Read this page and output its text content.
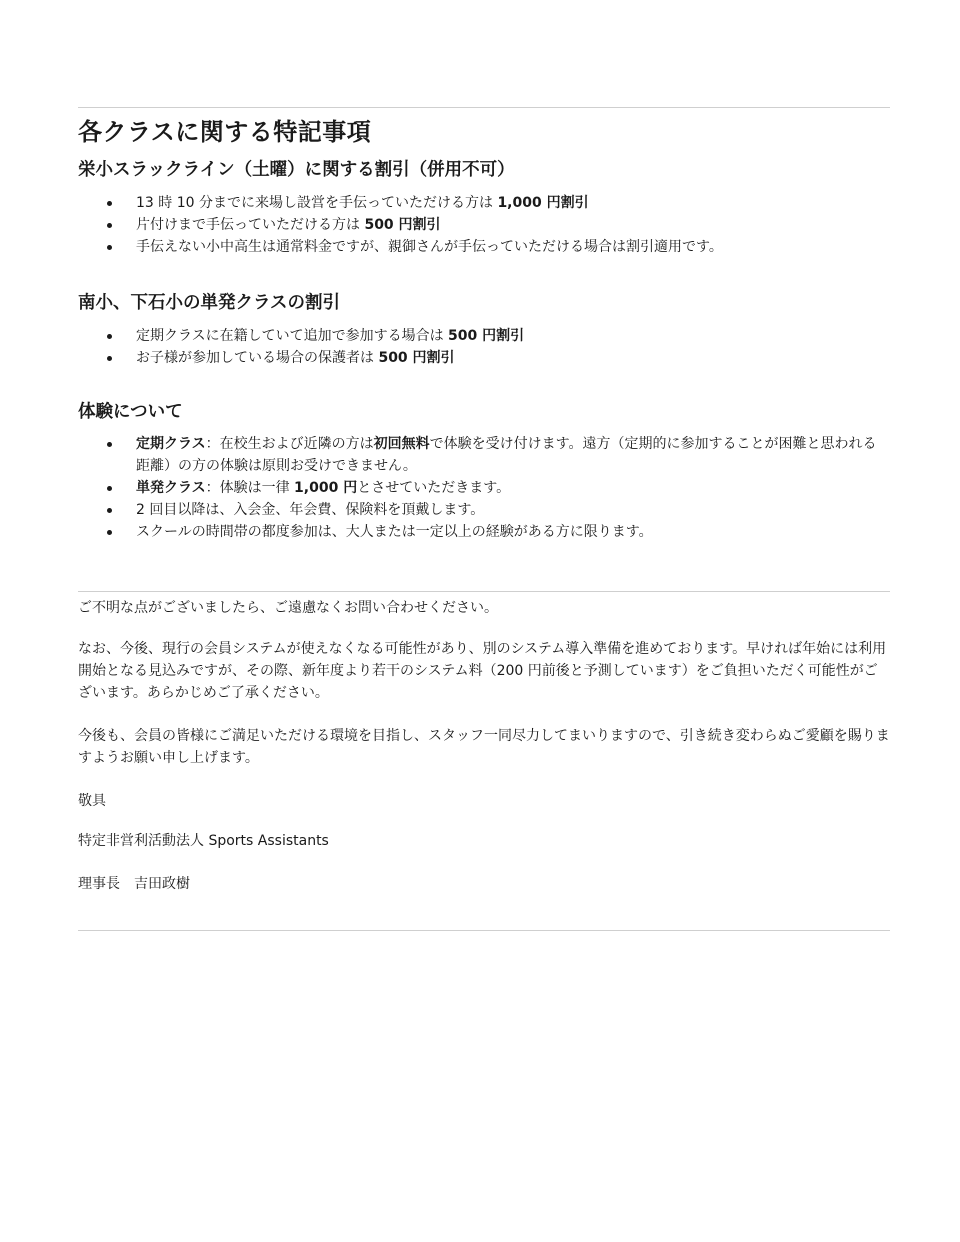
各クラスに関する特記事項
栄小スラックライン（土曜）に関する割引（併用不可）
13 時 10 分までに来場し設営を手伝っていただける方は 1,000 円割引
片付けまで手伝っていただける方は 500 円割引
手伝えない小中高生は通常料金ですが、親御さんが手伝っていただける場合は割引適用です。
南小、下石小の単発クラスの割引
定期クラスに在籍していて追加で参加する場合は 500 円割引
お子様が参加している場合の保護者は 500 円割引
体験について
定期クラス：在校生および近隣の方は初回無料で体験を受け付けます。遠方（定期的に参加することが困難と思われる距離）の方の体験は原則お受けできません。
単発クラス：体験は一律 1,000 円とさせていただきます。
2 回目以降は、入会金、年会費、保険料を頂戴します。
スクールの時間帯の都度参加は、大人または一定以上の経験がある方に限ります。

ご不明な点がございましたら、ご遠慮なくお問い合わせください。

なお、今後、現行の会員システムが使えなくなる可能性があり、別のシステム導入準備を進めております。早ければ年始には利用開始となる見込みですが、その際、新年度より若干のシステム料（200 円前後と予測しています）をご負担いただく可能性がございます。あらかじめご了承ください。

今後も、会員の皆様にご満足いただける環境を目指し、スタッフ一同尽力してまいりますので、引き続き変わらぬご愛顧を賜りますようお願い申し上げます。

敬具

特定非営利活動法人 Sports Assistants

理事長　吉田政樹
